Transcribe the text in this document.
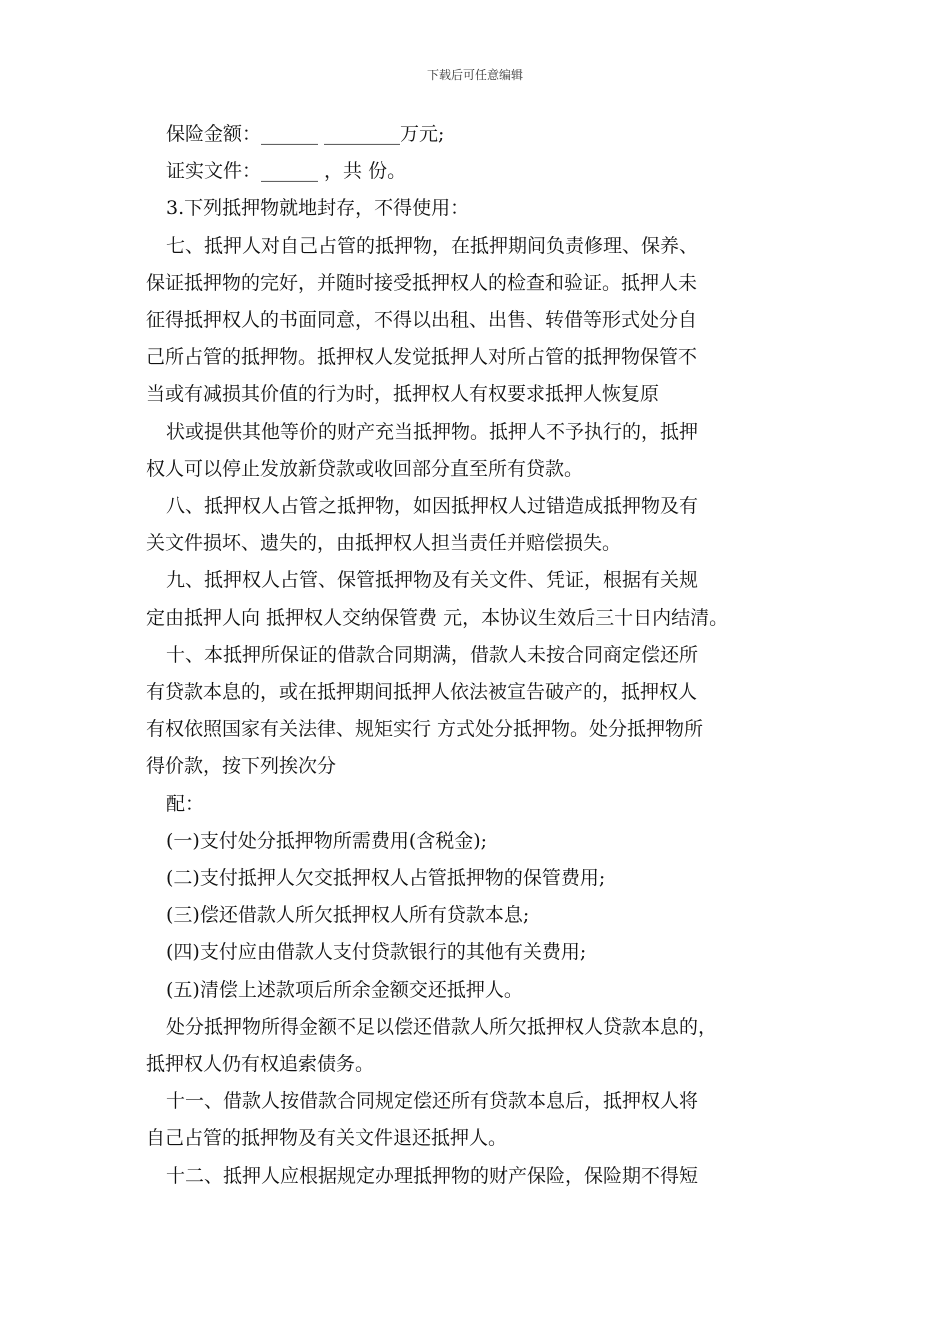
下载后可任意编辑
保险金额：______ ________万元;
证实文件：______ ，共 份。
3.下列抵押物就地封存，不得使用：
七、抵押人对自己占管的抵押物，在抵押期间负责修理、保养、
保证抵押物的完好，并随时接受抵押权人的检查和验证。抵押人未
征得抵押权人的书面同意，不得以出租、出售、转借等形式处分自
己所占管的抵押物。抵押权人发觉抵押人对所占管的抵押物保管不
当或有减损其价值的行为时，抵押权人有权要求抵押人恢复原
状或提供其他等价的财产充当抵押物。抵押人不予执行的，抵押
权人可以停止发放新贷款或收回部分直至所有贷款。
八、抵押权人占管之抵押物，如因抵押权人过错造成抵押物及有
关文件损坏、遗失的，由抵押权人担当责任并赔偿损失。
九、抵押权人占管、保管抵押物及有关文件、凭证，根据有关规
定由抵押人向 抵押权人交纳保管费 元，本协议生效后三十日内结清。
十、本抵押所保证的借款合同期满，借款人未按合同商定偿还所
有贷款本息的，或在抵押期间抵押人依法被宣告破产的，抵押权人
有权依照国家有关法律、规矩实行 方式处分抵押物。处分抵押物所
得价款，按下列挨次分
配：
(一)支付处分抵押物所需费用(含税金);
(二)支付抵押人欠交抵押权人占管抵押物的保管费用;
(三)偿还借款人所欠抵押权人所有贷款本息;
(四)支付应由借款人支付贷款银行的其他有关费用;
(五)清偿上述款项后所余金额交还抵押人。
处分抵押物所得金额不足以偿还借款人所欠抵押权人贷款本息的，
抵押权人仍有权追索债务。
十一、借款人按借款合同规定偿还所有贷款本息后，抵押权人将
自己占管的抵押物及有关文件退还抵押人。
十二、抵押人应根据规定办理抵押物的财产保险，保险期不得短
